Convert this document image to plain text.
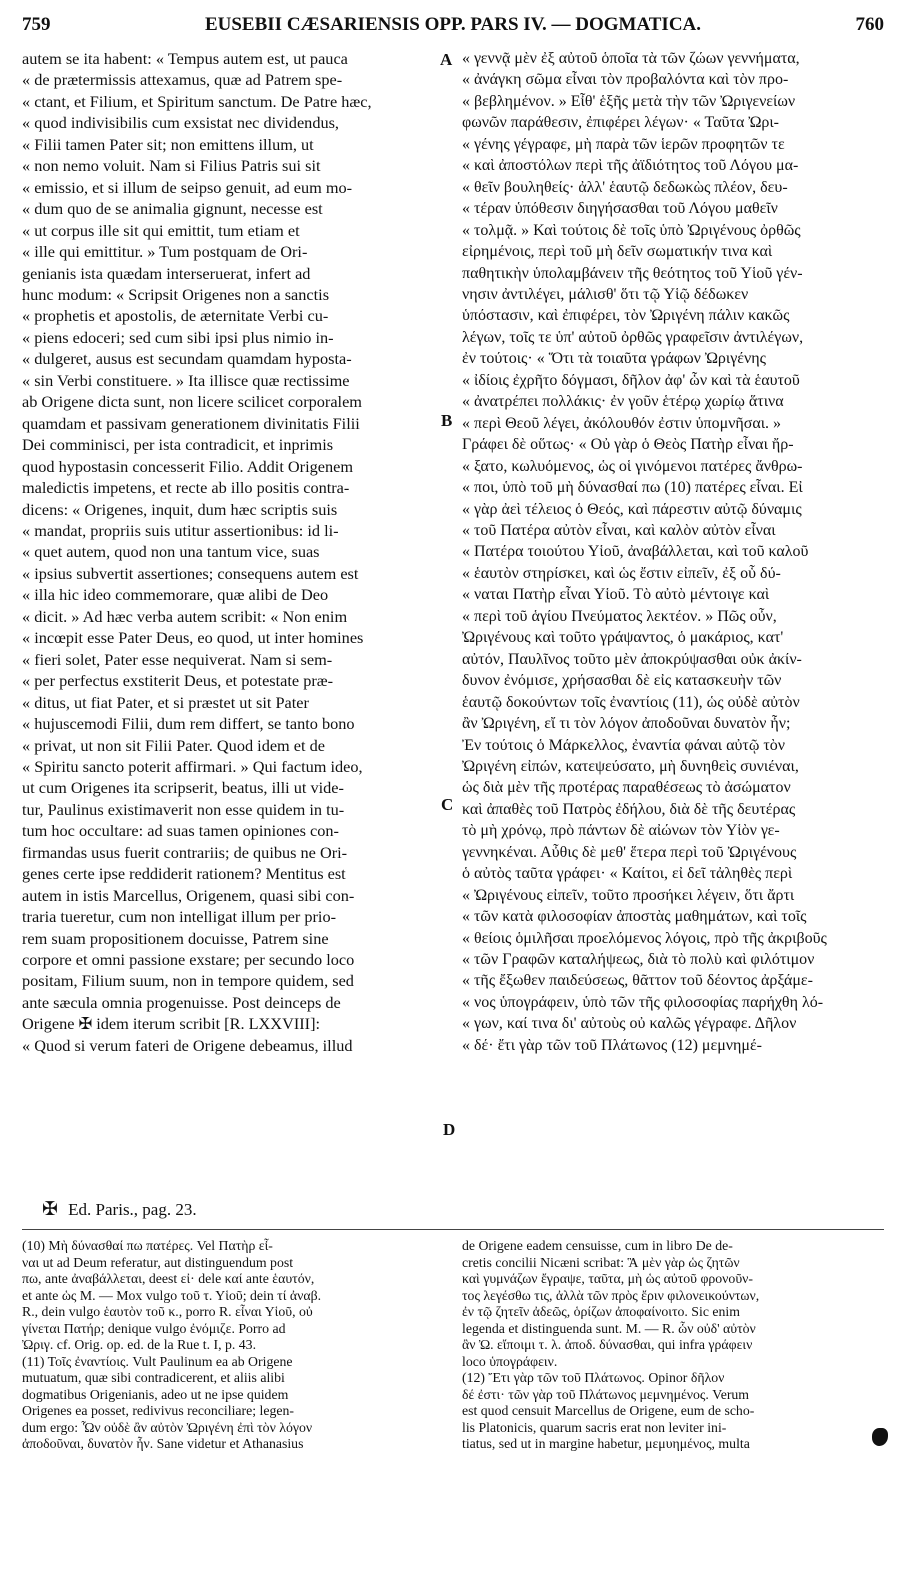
759	EUSEBII CÆSARIENSIS OPP. PARS IV. — DOGMATICA.	760
autem se ita habent: « Tempus autem est, ut pauca
« de prætermissis attexamus, quæ ad Patrem spe-
« ctant, et Filium, et Spiritum sanctum. De Patre hæc,
« quod indivisibilis cum exsistat nec dividendus,
« Filii tamen Pater sit; non emittens illum, ut
« non nemo voluit. Nam si Filius Patris sui sit
« emissio, et si illum de seipso genuit, ad eum mo-
« dum quo de se animalia gignunt, necesse est
« ut corpus ille sit qui emittit, tum etiam et
« ille qui emittitur. » Tum postquam de Ori-
genianis ista quædam interseruerat, infert ad
hunc modum: « Scripsit Origenes non a sanctis
« prophetis et apostolis, de æternitate Verbi cu-
« piens edoceri; sed cum sibi ipsi plus nimio in-
« dulgeret, ausus est secundam quamdam hyposta-
« sin Verbi constituere. » Ita illisce quæ rectissime
ab Origene dicta sunt, non licere scilicet corporalem
quamdam et passivam generationem divinitatis Filii
Dei comminisci, per ista contradicit, et inprimis
quod hypostasin concesserit Filio. Addit Origenem
maledictis impetens, et recte ab illo positis contra-
dicens: « Origenes, inquit, dum hæc scriptis suis
« mandat, propriis suis utitur assertionibus: id li-
« quet autem, quod non una tantum vice, suas
« ipsius subvertit assertiones; consequens autem est
« illa hic ideo commemorare, quæ alibi de Deo
« dicit. » Ad hæc verba autem scribit: « Non enim
« incœpit esse Pater Deus, eo quod, ut inter homines
« fieri solet, Pater esse nequiverat. Nam si sem-
« per perfectus exstiterit Deus, et potestate præ-
« ditus, ut fiat Pater, et si præstet ut sit Pater
« hujuscemodi Filii, dum rem differt, se tanto bono
« privat, ut non sit Filii Pater. Quod idem et de
« Spiritu sancto poterit affirmari. » Qui factum ideo,
ut cum Origenes ita scripserit, beatus, illi ut vide-
tur, Paulinus existimaverit non esse quidem in tu-
tum hoc occultare: ad suas tamen opiniones con-
firmandas usus fuerit contrariis; de quibus ne Ori-
genes certe ipse reddiderit rationem? Mentitus est
autem in istis Marcellus, Origenem, quasi sibi con-
traria tueretur, cum non intelligat illum per prio-
rem suam propositionem docuisse, Patrem sine
corpore et omni passione exstare; per secundo loco
positam, Filium suum, non in tempore quidem, sed
ante sæcula omnia progenuisse. Post deinceps de
Origene ✠ idem iterum scribit [R. LXXVIII]:
« Quod si verum fateri de Origene debeamus, illud
« γεννᾷ μὲν ἐξ αὐτοῦ ὁποῖα τὰ τῶν ζώων γεννήματα,
« ἀνάγκη σῶμα εἶναι τὸν προβαλόντα καὶ τὸν προ-
« βεβλημένον. » Εἶθ' ἑξῆς μετὰ τὴν τῶν Ὠριγενείων
φωνῶν παράθεσιν, ἐπιφέρει λέγων· « Ταῦτα Ὠρι-
« γένης γέγραφε, μὴ παρὰ τῶν ἱερῶν προφητῶν τε
« καὶ ἀποστόλων περὶ τῆς ἀϊδιότητος τοῦ Λόγου μα-
« θεῖν βουληθείς· ἀλλ' ἑαυτῷ δεδωκὼς πλέον, δευ-
« τέραν ὑπόθεσιν διηγήσασθαι τοῦ Λόγου μαθεῖν
« τολμᾷ. » Καὶ τούτοις δὲ τοῖς ὑπὸ Ὠριγένους ὀρθῶς
εἰρημένοις, περὶ τοῦ μὴ δεῖν σωματικήν τινα καὶ
παθητικὴν ὑπολαμβάνειν τῆς θεότητος τοῦ Υἱοῦ γέν-
νησιν ἀντιλέγει, μάλισθ' ὅτι τῷ Υἱῷ δέδωκεν
ὑπόστασιν, καὶ ἐπιφέρει, τὸν Ὠριγένη πάλιν κακῶς
λέγων, τοῖς τε ὑπ' αὐτοῦ ὀρθῶς γραφεῖσιν ἀντιλέγων,
ἐν τούτοις· « Ὅτι τὰ τοιαῦτα γράφων Ὠριγένης
« ἰδίοις ἐχρῆτο δόγμασι, δῆλον ἀφ' ὧν καὶ τὰ ἑαυτοῦ
« ἀνατρέπει πολλάκις· ἐν γοῦν ἑτέρῳ χωρίῳ ἅτινα
« περὶ Θεοῦ λέγει, ἀκόλουθόν ἐστιν ὑπομνῆσαι. »
Γράφει δὲ οὕτως· « Οὐ γὰρ ὁ Θεὸς Πατὴρ εἶναι ἤρ-
« ξατο, κωλυόμενος, ὡς οἱ γινόμενοι πατέρες ἄνθρω-
« ποι, ὑπὸ τοῦ μὴ δύνασθαί πω (10) πατέρες εἶναι. Εἰ
« γὰρ ἀεὶ τέλειος ὁ Θεός, καὶ πάρεστιν αὐτῷ δύναμις
« τοῦ Πατέρα αὐτὸν εἶναι, καὶ καλὸν αὐτὸν εἶναι
« Πατέρα τοιούτου Υἱοῦ, ἀναβάλλεται, καὶ τοῦ καλοῦ
« ἑαυτὸν στηρίσκει, καὶ ὡς ἔστιν εἰπεῖν, ἐξ οὗ δύ-
« ναται Πατὴρ εἶναι Υἱοῦ. Τὸ αὐτὸ μέντοιγε καὶ
« περὶ τοῦ ἁγίου Πνεύματος λεκτέον. » Πῶς οὖν,
Ὠριγένους καὶ τοῦτο γράψαντος, ὁ μακάριος, κατ'
αὐτόν, Παυλῖνος τοῦτο μὲν ἀποκρύψασθαι οὐκ ἀκίν-
δυνον ἐνόμισε, χρήσασθαι δὲ εἰς κατασκευὴν τῶν
ἑαυτῷ δοκούντων τοῖς ἐναντίοις (11), ὡς οὐδὲ αὐτὸν
ἂν Ὠριγένη, εἴ τι τὸν λόγον ἀποδοῦναι δυνατὸν ἦν;
Ἐν τούτοις ὁ Μάρκελλος, ἐναντία φάναι αὐτῷ τὸν
Ὠριγένη εἰπών, κατεψεύσατο, μὴ δυνηθεὶς συνιέναι,
ὡς διὰ μὲν τῆς προτέρας παραθέσεως τὸ ἀσώματον
καὶ ἀπαθὲς τοῦ Πατρὸς ἐδήλου, διὰ δὲ τῆς δευτέρας
τὸ μὴ χρόνῳ, πρὸ πάντων δὲ αἰώνων τὸν Υἱὸν γε-
γεννηκέναι. Αὖθις δὲ μεθ' ἕτερα περὶ τοῦ Ὠριγένους
ὁ αὐτὸς ταῦτα γράφει· « Καίτοι, εἰ δεῖ τἀληθὲς περὶ
« Ὠριγένους εἰπεῖν, τοῦτο προσήκει λέγειν, ὅτι ἄρτι
« τῶν κατὰ φιλοσοφίαν ἀποστὰς μαθημάτων, καὶ τοῖς
« θείοις ὁμιλῆσαι προελόμενος λόγοις, πρὸ τῆς ἀκριβοῦς
« τῶν Γραφῶν καταλήψεως, διὰ τὸ πολὺ καὶ φιλότιμον
« τῆς ἔξωθεν παιδεύσεως, θᾶττον τοῦ δέοντος ἀρξάμε-
« νος ὑπογράφειν, ὑπὸ τῶν τῆς φιλοσοφίας παρήχθη λό-
« γων, καί τινα δι' αὐτοὺς οὐ καλῶς γέγραφε. Δῆλον
« δέ· ἔτι γὰρ τῶν τοῦ Πλάτωνος (12) μεμνημέ-
A
B
C
D
✠ Ed. Paris., pag. 23.
(10) Μὴ δύνασθαί πω πατέρες. Vel Πατὴρ εἶ-
ναι ut ad Deum referatur, aut distinguendum post
πω, ante ἀναβάλλεται, deest εἰ· dele καί ante ἑαυτόν,
et ante ὡς M. — Mox vulgo τοῦ τ. Υἱοῦ; dein τί ἀναβ.
R., dein vulgo ἑαυτὸν τοῦ κ., porro R. εἶναι Υἱοῦ, οὐ
γίνεται Πατήρ; denique vulgo ἐνόμιζε. Porro ad
Ὠριγ. cf. Orig. op. ed. de la Rue t. I, p. 43.
(11) Τοῖς ἐναντίοις. Vult Paulinum ea ab Origene
mutuatum, quæ sibi contradicerent, et aliis alibi
dogmatibus Origenianis, adeo ut ne ipse quidem
Origenes ea posset, redivivus reconciliare; legen-
dum ergo: Ὧν οὐδὲ ἂν αὐτὸν Ὠριγένη ἐπὶ τὸν λόγον
ἀποδοῦναι, δυνατὸν ἦν. Sane videtur et Athanasius
de Origene eadem censuisse, cum in libro De de-
cretis concilii Nicæni scribat: Ἃ μὲν γὰρ ὡς ζητῶν
καὶ γυμνάζων ἔγραψε, ταῦτα, μὴ ὡς αὐτοῦ φρονοῦν-
τος λεγέσθω τις, ἀλλὰ τῶν πρὸς ἔριν φιλονεικούντων,
ἐν τῷ ζητεῖν ἀδεῶς, ὁρίζων ἀποφαίνοιτο. Sic enim
legenda et distinguenda sunt. M. — R. ὧν οὐδ' αὐτὸν
ἂν Ὠ. εἴποιμι τ. λ. ἀποδ. δύνασθαι, qui infra γράφειν
loco ὑπογράφειν.
(12) Ἔτι γὰρ τῶν τοῦ Πλάτωνος. Opinor δῆλον
δέ ἐστι· τῶν γὰρ τοῦ Πλάτωνος μεμνημένος. Verum
est quod censuit Marcellus de Origene, eum de scho-
lis Platonicis, quarum sacris erat non leviter ini-
tiatus, sed ut in margine habetur, μεμυημένος, multa
